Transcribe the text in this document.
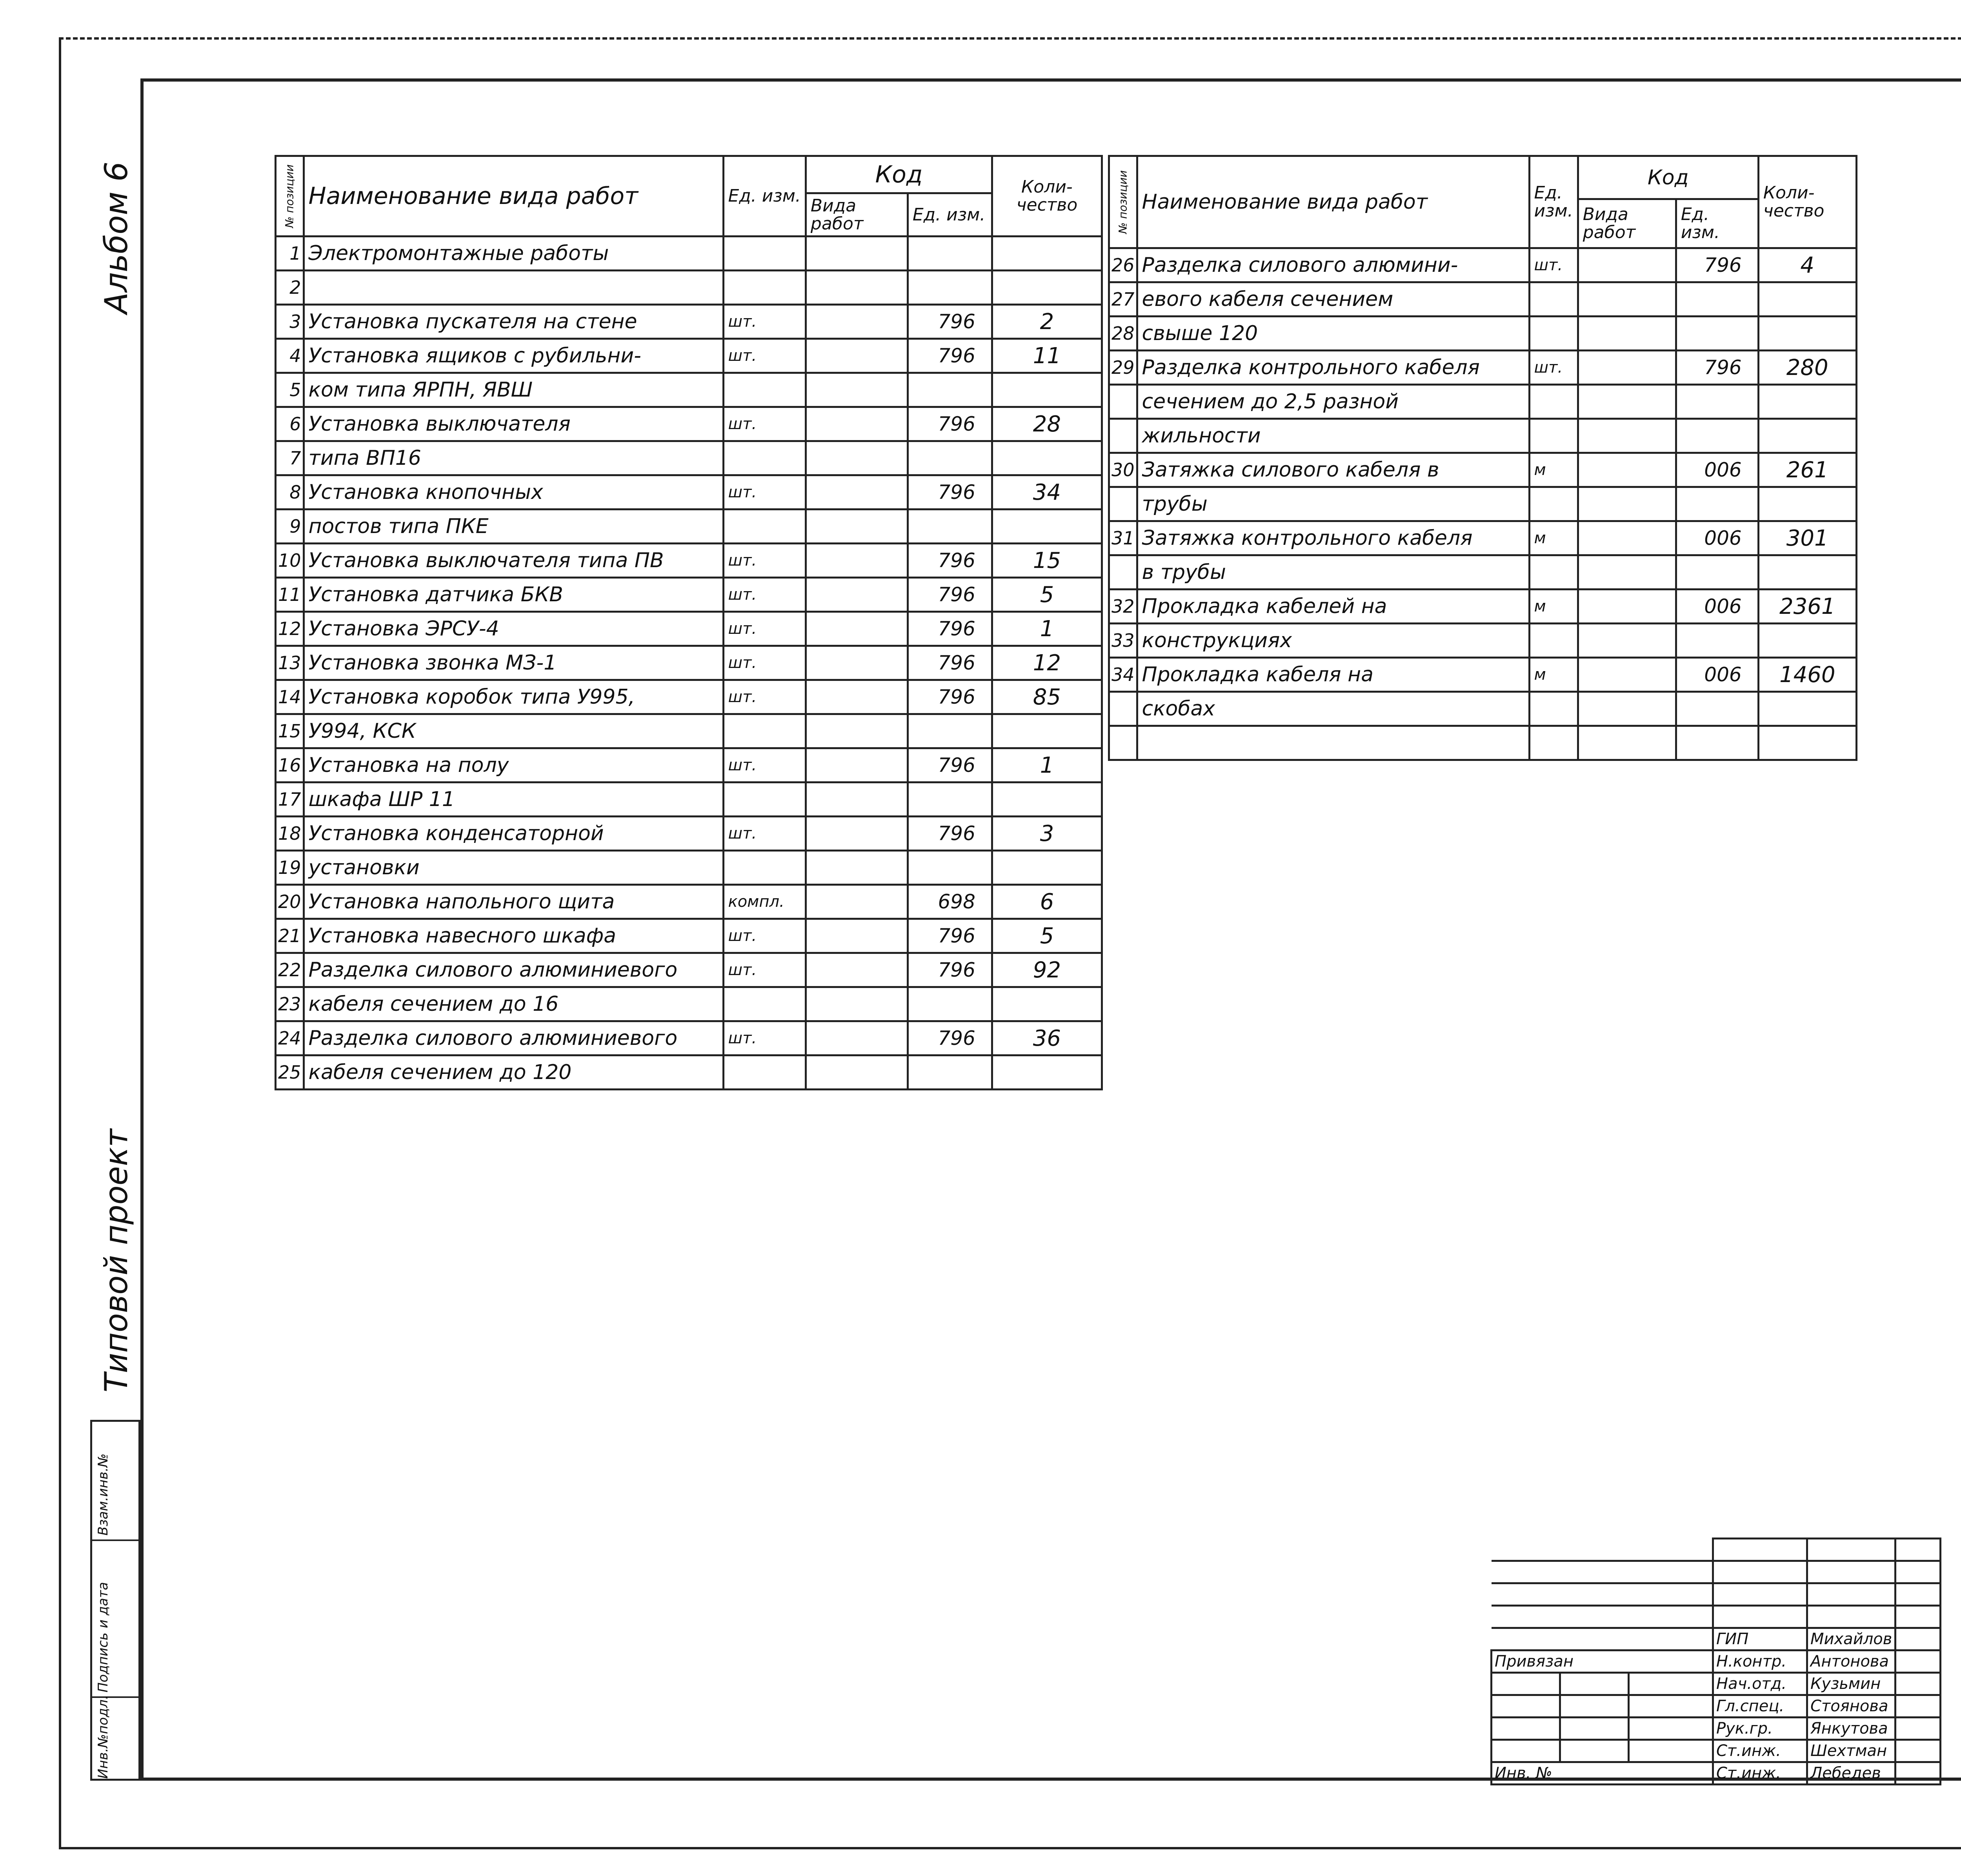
Альбом 6
Типовой проект
Инв.№подл.
Подпись и дата
Взам.инв.№
№ позиции	Наименование вида работ	Ед. изм.	Код		Коли- чество
			Вида работ	Ед. изм.	
1	Электромонтажные работы				
2					
3	Установка пускателя на стене	шт.		796	2
4	Установка ящиков с рубильни-	шт.		796	11
5	ком типа ЯРПН, ЯВШ				
6	Установка выключателя	шт.		796	28
7	типа ВП16				
8	Установка кнопочных	шт.		796	34
9	постов типа ПКЕ				
10	Установка выключателя типа ПВ	шт.		796	15
11	Установка датчика БКВ	шт.		796	5
12	Установка ЭРСУ-4	шт.		796	1
13	Установка звонка МЗ-1	шт.		796	12
14	Установка коробок типа У995,	шт.		796	85
15	У994, КСК				
16	Установка на полу	шт.		796	1
17	шкафа ШР 11				
18	Установка конденсаторной	шт.		796	3
19	установки				
20	Установка напольного щита	компл.		698	6
21	Установка навесного шкафа	шт.		796	5
22	Разделка силового алюминиевого	шт.		796	92
23	кабеля сечением до 16				
24	Разделка силового алюминиевого	шт.		796	36
25	кабеля сечением до 120				
№ позиции	Наименование вида работ	Ед. изм.	Код		Коли- чество
			Вида работ	Ед. изм.	
26	Разделка силового алюмини-	шт.		796	4
27	евого кабеля сечением				
28	свыше 120				
29	Разделка контрольного кабеля	шт.		796	280
	сечением до 2,5 разной				
	жильности				
30	Затяжка силового кабеля в	м		006	261
	трубы				
31	Затяжка контрольного кабеля	м		006	301
	в трубы				
32	Прокладка кабелей на	м		006	2361
33	конструкциях				
34	Прокладка кабеля на	м		006	1460
	скобах				

			ГИП	Михайлов	
Привязан			Н.контр.	Антонова	
			Нач.отд.	Кузьмин	
			Гл.спец.	Стоянова	
			Рук.гр.	Янкутова	
			Ст.инж.	Шехтман	
Инв. №			Ст.инж.	Лебедев	
